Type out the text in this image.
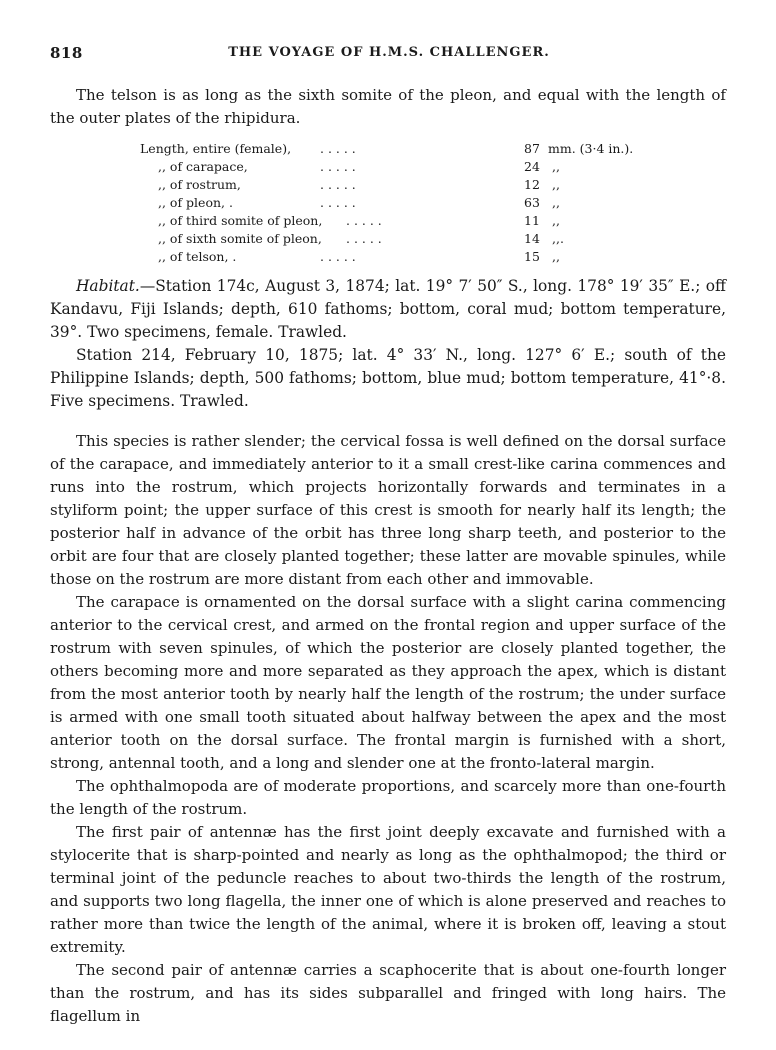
818	THE VOYAGE OF H.M.S. CHALLENGER.

The telson is as long as the sixth somite of the pleon, and equal with the length of the outer plates of the rhipidura.

Length, entire (female), . . . . .	87 mm. (3·4 in.).
,, of carapace,	. . . . .	24 ,,
,, of rostrum,	. . . . .	12 ,,
,, of pleon, .	. . . . .	63 ,,
,, of third somite of pleon, . . . . .	11 ,,
,, of sixth somite of pleon, . . . . .	14 ,,.
,, of telson, .	. . . . .	15 ,,

Habitat.—Station 174c, August 3, 1874; lat. 19° 7′ 50″ S., long. 178° 19′ 35″ E.; off Kandavu, Fiji Islands; depth, 610 fathoms; bottom, coral mud; bottom temperature, 39°. Two specimens, female. Trawled.

Station 214, February 10, 1875; lat. 4° 33′ N., long. 127° 6′ E.; south of the Philippine Islands; depth, 500 fathoms; bottom, blue mud; bottom temperature, 41°·8. Five specimens. Trawled.

This species is rather slender; the cervical fossa is well defined on the dorsal surface of the carapace, and immediately anterior to it a small crest-like carina commences and runs into the rostrum, which projects horizontally forwards and terminates in a styliform point; the upper surface of this crest is smooth for nearly half its length; the posterior half in advance of the orbit has three long sharp teeth, and posterior to the orbit are four that are closely planted together; these latter are movable spinules, while those on the rostrum are more distant from each other and immovable.

The carapace is ornamented on the dorsal surface with a slight carina commencing anterior to the cervical crest, and armed on the frontal region and upper surface of the rostrum with seven spinules, of which the posterior are closely planted together, the others becoming more and more separated as they approach the apex, which is distant from the most anterior tooth by nearly half the length of the rostrum; the under surface is armed with one small tooth situated about halfway between the apex and the most anterior tooth on the dorsal surface. The frontal margin is furnished with a short, strong, antennal tooth, and a long and slender one at the fronto-lateral margin.

The ophthalmopoda are of moderate proportions, and scarcely more than one-fourth the length of the rostrum.

The first pair of antennæ has the first joint deeply excavate and furnished with a stylocerite that is sharp-pointed and nearly as long as the ophthalmopod; the third or terminal joint of the peduncle reaches to about two-thirds the length of the rostrum, and supports two long flagella, the inner one of which is alone preserved and reaches to rather more than twice the length of the animal, where it is broken off, leaving a stout extremity.

The second pair of antennæ carries a scaphocerite that is about one-fourth longer than the rostrum, and has its sides subparallel and fringed with long hairs. The flagellum in
